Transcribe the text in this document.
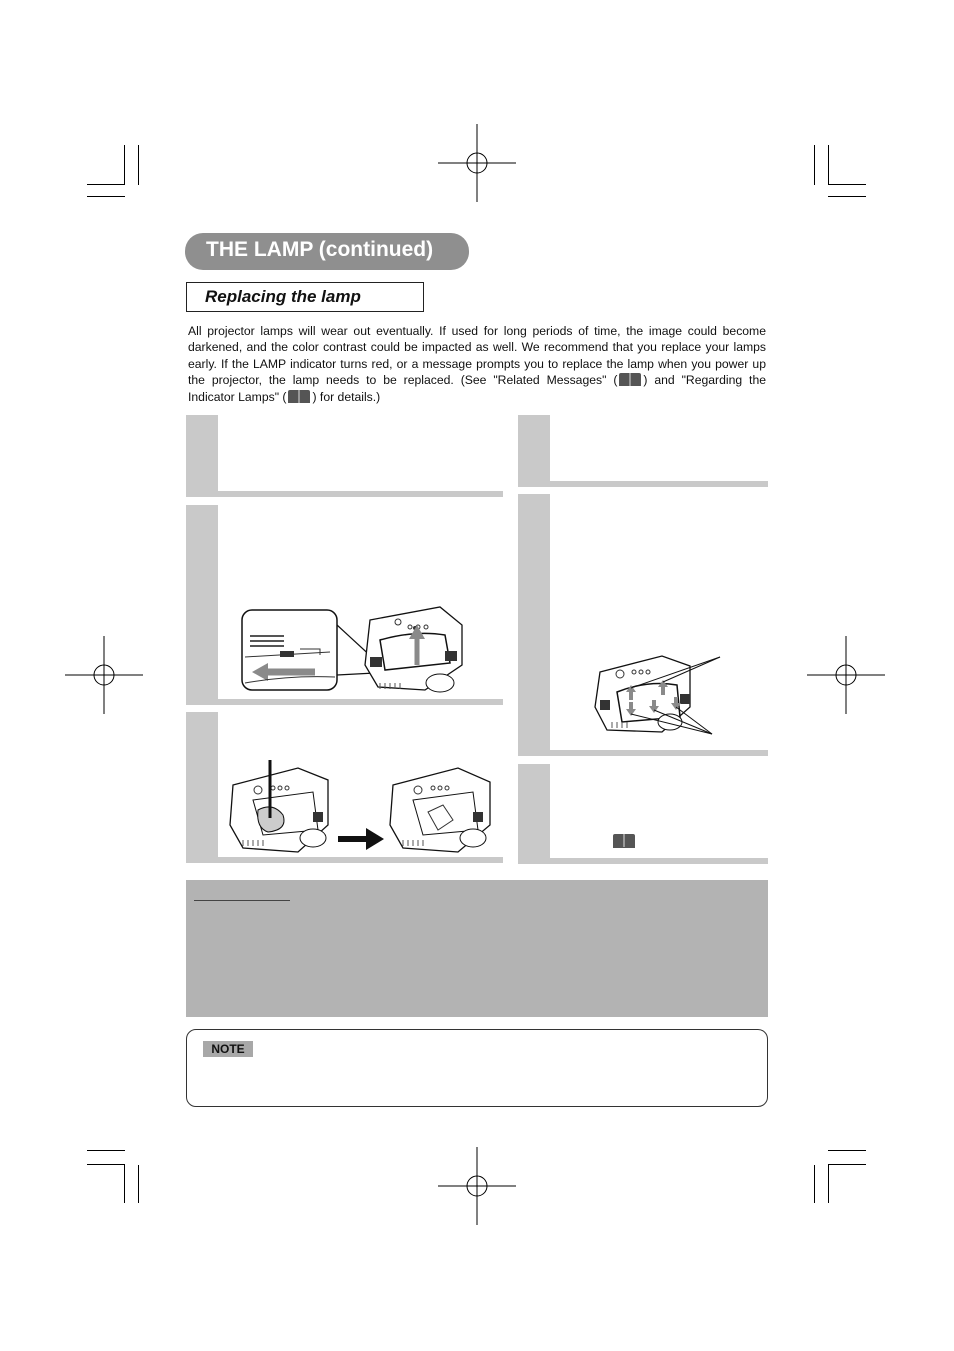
THE LAMP (continued)
Replacing the lamp
All projector lamps will wear out eventually. If used for long periods of time, the image could become darkened, and the color contrast could be impacted as well. We recommend that you replace your lamps early. If the LAMP indicator turns red, or a message prompts you to replace the lamp when you power up the projector, the lamp needs to be replaced. (See "Related Messages" ( ) and "Regarding the Indicator Lamps" ( ) for details.)
NOTE
